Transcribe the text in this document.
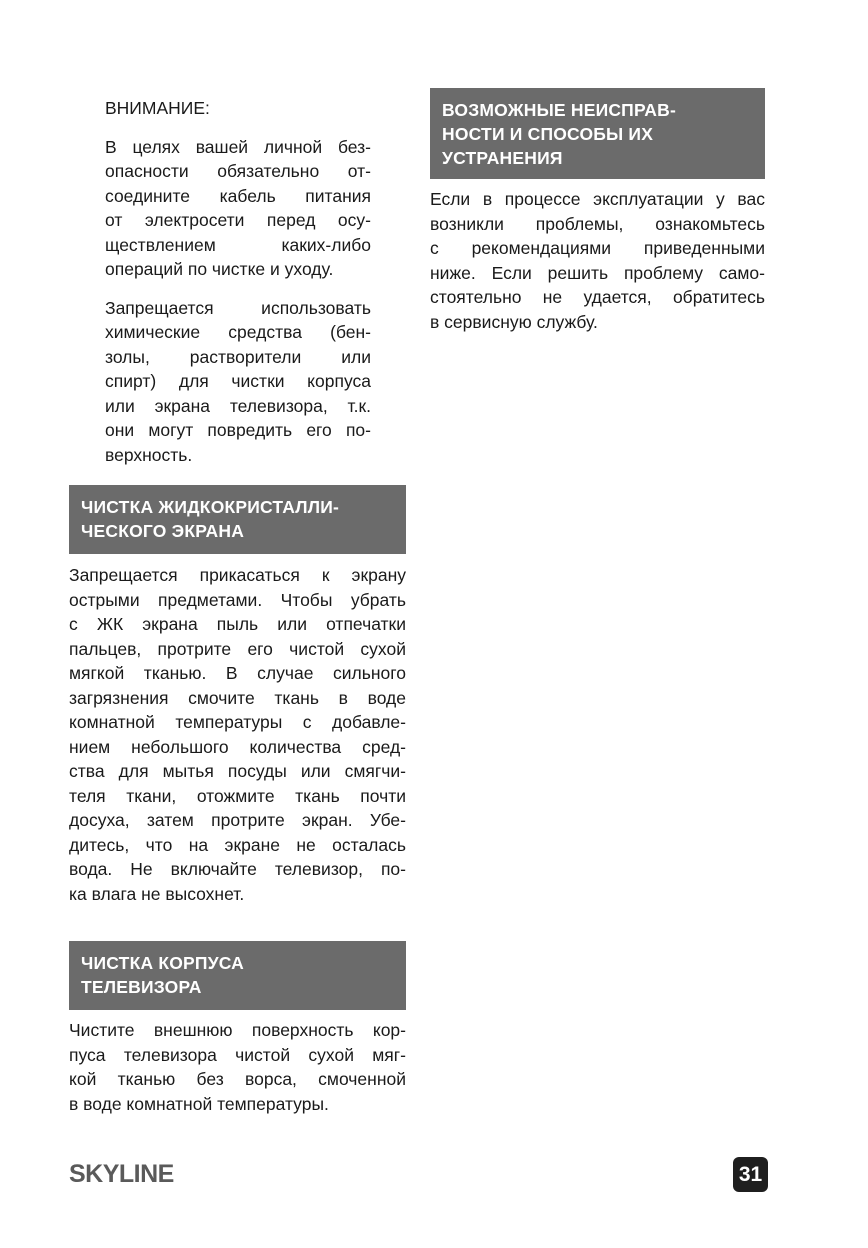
ВНИМАНИЕ:

В целях вашей личной без-
опасности обязательно от-
соедините кабель питания
от электросети перед осу-
ществлением каких-либо
операций по чистке и уходу.
Запрещается использовать
химические средства (бен-
золы, растворители или
спирт) для чистки корпуса
или экрана телевизора, т.к.
они могут повредить его по-
верхность.
ЧИСТКА ЖИДКОКРИСТАЛЛИ-
ЧЕСКОГО ЭКРАНА
Запрещается прикасаться к экрану
острыми предметами. Чтобы убрать
с ЖК экрана пыль или отпечатки
пальцев, протрите его чистой сухой
мягкой тканью. В случае сильного
загрязнения смочите ткань в воде
комнатной температуры с добавле-
нием небольшого количества сред-
ства для мытья посуды или смягчи-
теля ткани, отожмите ткань почти
досуха, затем протрите экран. Убе-
дитесь, что на экране не осталась
вода. Не включайте телевизор, по-
ка влага не высохнет.
ЧИСТКА КОРПУСА
ТЕЛЕВИЗОРА
Чистите внешнюю поверхность кор-
пуса телевизора чистой сухой мяг-
кой тканью без ворса, смоченной
в воде комнатной температуры.
ВОЗМОЖНЫЕ НЕИСПРАВ-
НОСТИ И СПОСОБЫ ИХ
УСТРАНЕНИЯ
Если в процессе эксплуатации у вас
возникли проблемы, ознакомьтесь
с рекомендациями приведенными
ниже. Если решить проблему само-
стоятельно не удается, обратитесь
в сервисную службу.
SKYLINE	31
